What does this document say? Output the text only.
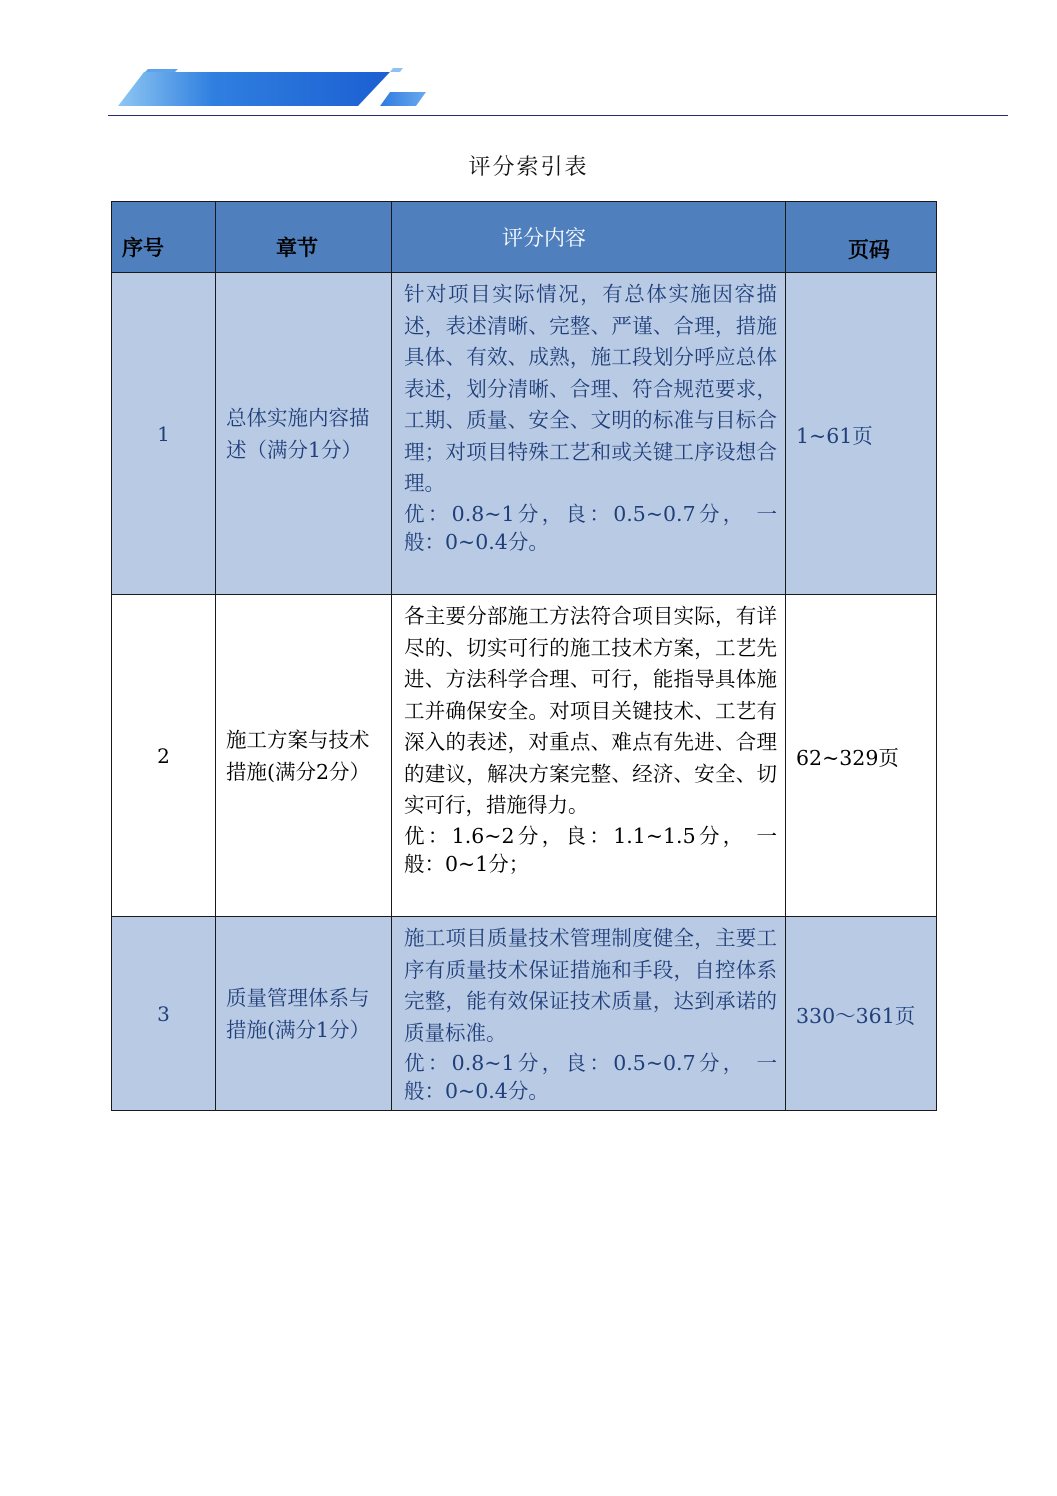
评分索引表
序号	章节	评分内容	页码

1	总体实施内容描述（满分1分）	针对项目实际情况，有总体实施因容描述，表述清晰、完整、严谨、合理，措施具体、有效、成熟，施工段划分呼应总体表述，划分清晰、合理、符合规范要求，工期、质量、安全、文明的标准与目标合理；对项目特殊工艺和或关键工序设想合理。
优：0.8~1分，良：0.5~0.7分， 一般：0~0.4分。	1~61页
2	施工方案与技术措施(满分2分）	各主要分部施工方法符合项目实际，有详尽的、切实可行的施工技术方案，工艺先进、方法科学合理、可行，能指导具体施工并确保安全。对项目关键技术、工艺有深入的表述，对重点、难点有先进、合理的建议，解决方案完整、经济、安全、切实可行，措施得力。
优：1.6~2分，良：1.1~1.5分， 一般：0~1分；	62~329页
3	质量管理体系与措施(满分1分）	施工项目质量技术管理制度健全，主要工序有质量技术保证措施和手段，自控体系完整，能有效保证技术质量，达到承诺的质量标准。
优：0.8~1分，良：0.5~0.7分， 一般：0~0.4分。	330～361页
